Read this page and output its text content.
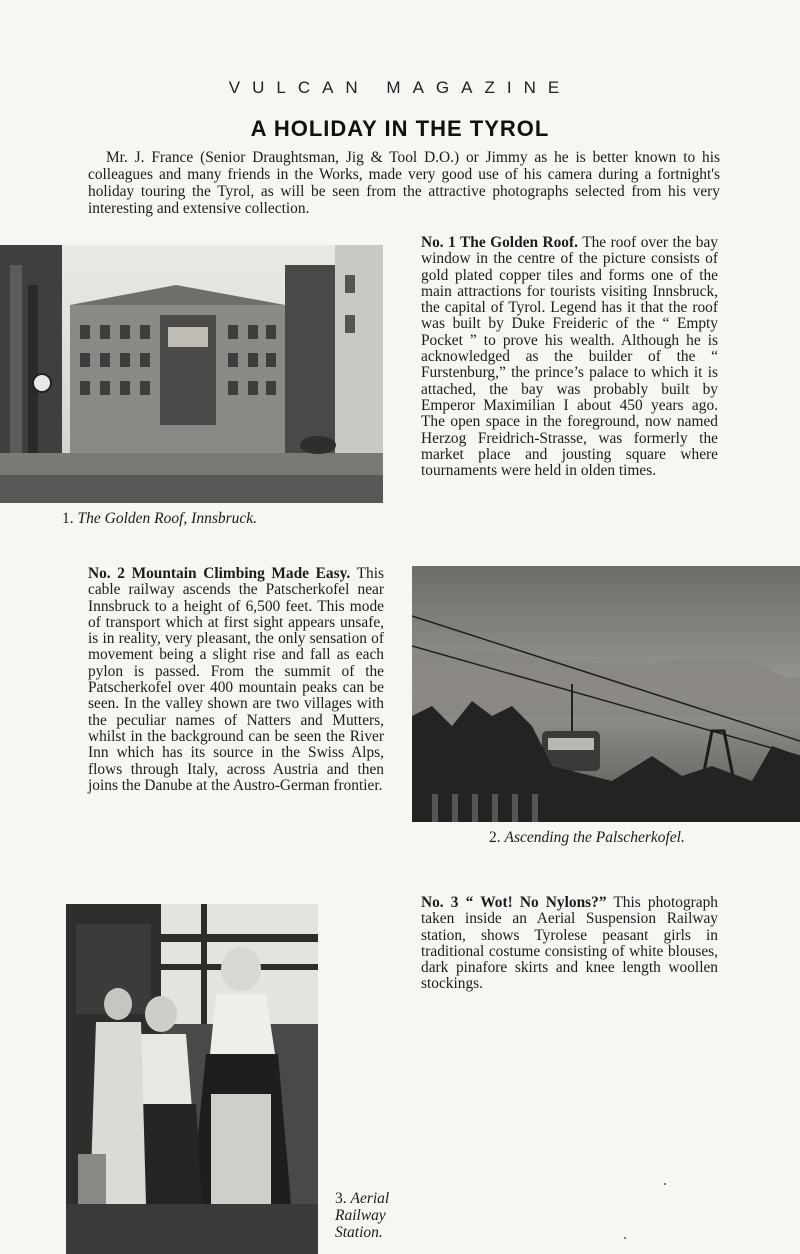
VULCAN MAGAZINE
A HOLIDAY IN THE TYROL
Mr. J. France (Senior Draughtsman, Jig & Tool D.O.) or Jimmy as he is better known to his colleagues and many friends in the Works, made very good use of his camera during a fortnight's holiday touring the Tyrol, as will be seen from the attractive photographs selected from his very interesting and extensive collection.
1. The Golden Roof, Innsbruck.
No. 1 The Golden Roof. The roof over the bay window in the centre of the picture consists of gold plated copper tiles and forms one of the main attractions for tourists visiting Innsbruck, the capital of Tyrol. Legend has it that the roof was built by Duke Freideric of the “ Empty Pocket ” to prove his wealth. Although he is acknowledged as the builder of the “ Furstenburg,” the prince’s palace to which it is attached, the bay was probably built by Emperor Maximilian I about 450 years ago. The open space in the foreground, now named Herzog Freidrich-Strasse, was formerly the market place and jousting square where tournaments were held in olden times.
No. 2 Mountain Climbing Made Easy. This cable railway ascends the Patscherkofel near Innsbruck to a height of 6,500 feet. This mode of transport which at first sight appears unsafe, is in reality, very pleasant, the only sensation of movement being a slight rise and fall as each pylon is passed. From the summit of the Patscherkofel over 400 mountain peaks can be seen. In the valley shown are two villages with the peculiar names of Natters and Mutters, whilst in the background can be seen the River Inn which has its source in the Swiss Alps, flows through Italy, across Austria and then joins the Danube at the Austro-German frontier.
2. Ascending the Palscherkofel.
No. 3 “ Wot! No Nylons?” This photograph taken inside an Aerial Suspension Railway station, shows Tyrolese peasant girls in traditional costume consisting of white blouses, dark pinafore skirts and knee length woollen stockings.
3. Aerial
Railway
Station.
